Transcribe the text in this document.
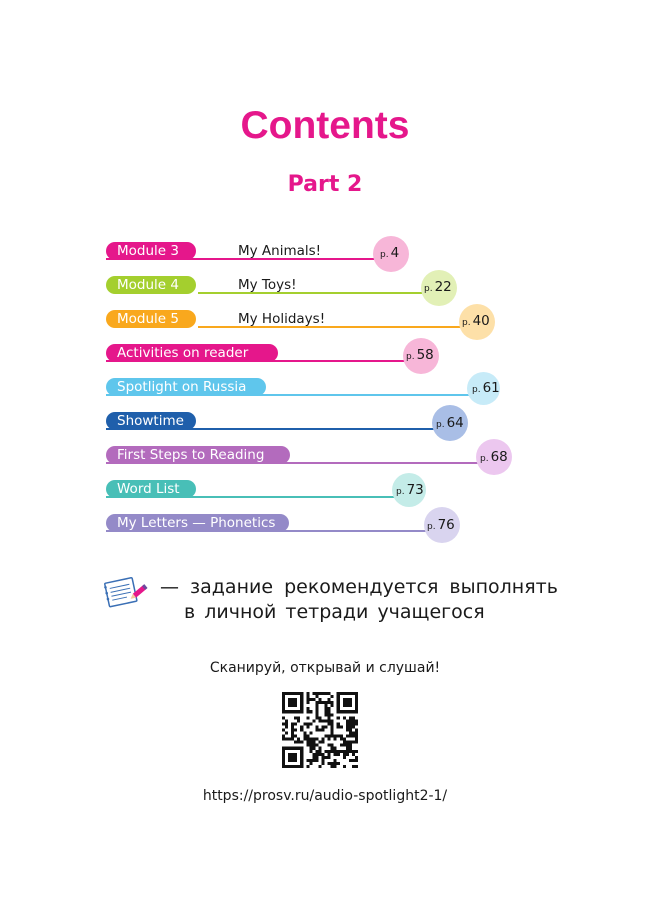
Contents
Part 2
Module 3	My Animals!	p. 4
Module 4	My Toys!	p. 22
Module 5	My Holidays!	p. 40
Activities on reader	p. 58
Spotlight on Russia	p. 61
Showtime	p. 64
First Steps to Reading	p. 68
Word List	p. 73
My Letters — Phonetics	p. 76
— задание рекомендуется выполнять
в личной тетради учащегося
Сканируй, открывай и слушай!
https://prosv.ru/audio-spotlight2-1/
